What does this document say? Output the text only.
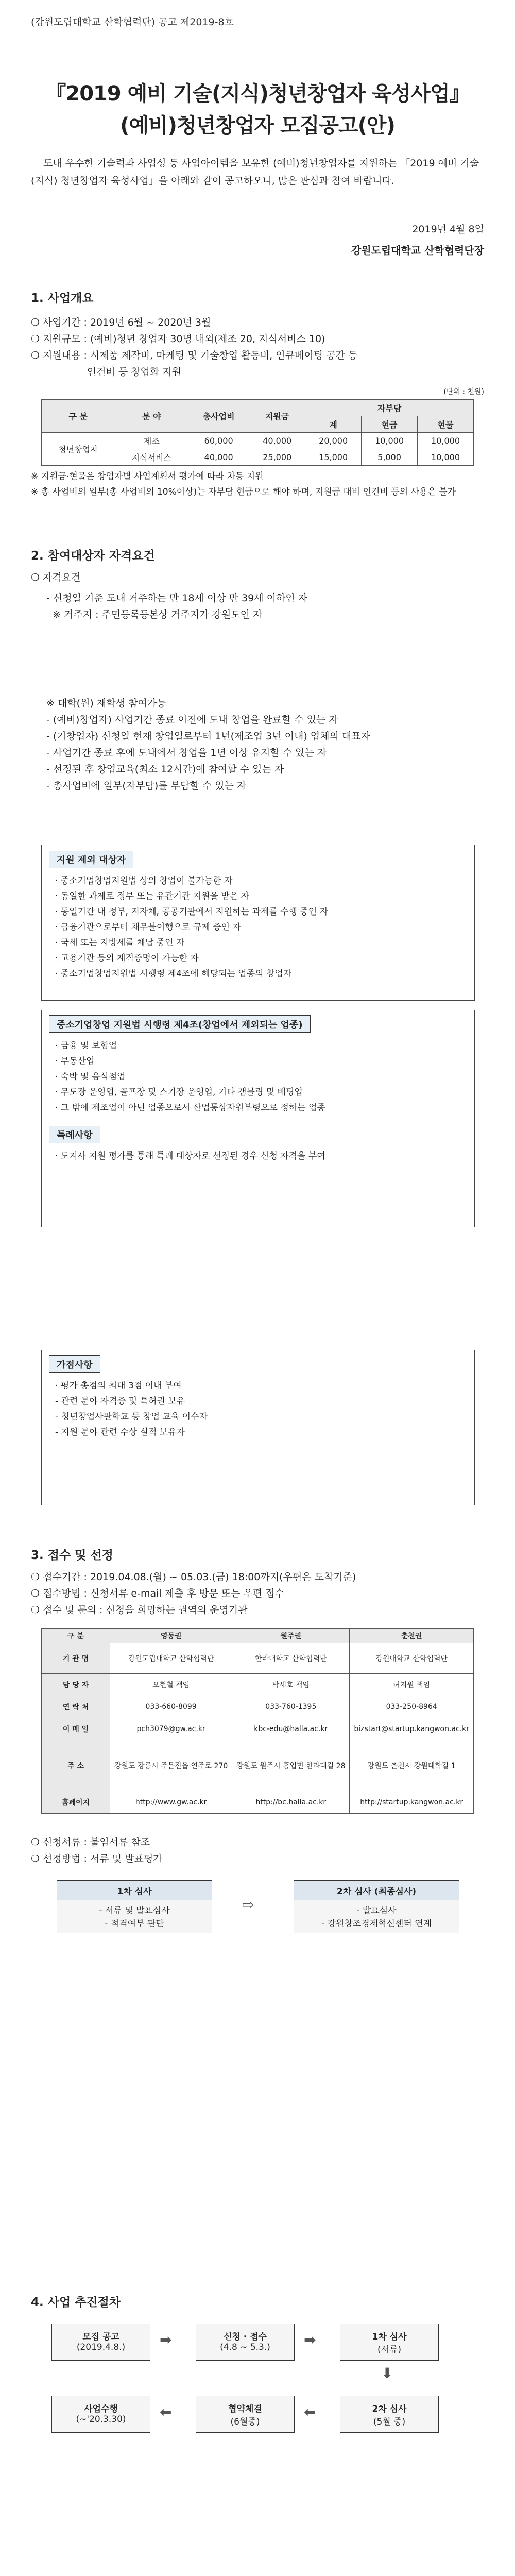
(강원도립대학교 산학협력단) 공고 제2019-8호
『2019 예비 기술(지식)청년창업자 육성사업』
(예비)청년창업자 모집공고(안)
도내 우수한 기술력과 사업성 등 사업아이템을 보유한 (예비)청년창업자를 지원하는 「2019 예비 기술(지식) 청년창업자 육성사업」을 아래와 같이 공고하오니, 많은 관심과 참여 바랍니다.
2019년 4월 8일
강원도립대학교 산학협력단장
1. 사업개요
❍ 사업기간 : 2019년 6월 ~ 2020년 3월
❍ 지원규모 : (예비)청년 창업자 30명 내외(제조 20, 지식서비스 10)
❍ 지원내용 : 시제품 제작비, 마케팅 및 기술창업 활동비, 인큐베이팅 공간 등
인건비 등 창업화 지원
(단위 : 천원)
구 분	분 야	총사업비	지원금	자부담		
				계	현금	현물
청년창업자	제조	60,000	40,000	20,000	10,000	10,000
	지식서비스	40,000	25,000	15,000	5,000	10,000
※ 지원금·현물은 창업자별 사업계획서 평가에 따라 차등 지원
※ 총 사업비의 일부(총 사업비의 10%이상)는 자부담 현금으로 해야 하며, 지원금 대비 인건비 등의 사용은 불가
2. 참여대상자 자격요건
❍ 자격요건
- 신청일 기준 도내 거주하는 만 18세 이상 만 39세 이하인 자
※ 거주지 : 주민등록등본상 거주지가 강원도인 자
※ 대학(원) 재학생 참여가능
- (예비)창업자) 사업기간 종료 이전에 도내 창업을 완료할 수 있는 자
- (기창업자) 신청일 현재 창업일로부터 1년(제조업 3년 이내) 업체의 대표자
- 사업기간 종료 후에 도내에서 창업을 1년 이상 유지할 수 있는 자
- 선정된 후 창업교육(최소 12시간)에 참여할 수 있는 자
- 총사업비에 일부(자부담)를 부담할 수 있는 자
지원 제외 대상자
· 중소기업창업지원법 상의 창업이 불가능한 자
· 동일한 과제로 정부 또는 유관기관 지원을 받은 자
· 동일기간 내 정부, 지자체, 공공기관에서 지원하는 과제를 수행 중인 자
· 금융기관으로부터 채무불이행으로 규제 중인 자
· 국세 또는 지방세를 체납 중인 자
· 고용기관 등의 재직증명이 가능한 자
· 중소기업창업지원법 시행령 제4조에 해당되는 업종의 창업자
중소기업창업 지원법 시행령 제4조(창업에서 제외되는 업종)
· 금융 및 보험업
· 부동산업
· 숙박 및 음식점업
· 무도장 운영업, 골프장 및 스키장 운영업, 기타 갬블링 및 베팅업
· 그 밖에 제조업이 아닌 업종으로서 산업통상자원부령으로 정하는 업종
특례사항
· 도지사 지원 평가를 통해 특례 대상자로 선정된 경우 신청 자격을 부여
가점사항
· 평가 총점의 최대 3점 이내 부여
- 관련 분야 자격증 및 특허권 보유
- 청년창업사관학교 등 창업 교육 이수자
- 지원 분야 관련 수상 실적 보유자
3. 접수 및 선정
❍ 접수기간 : 2019.04.08.(월) ~ 05.03.(금) 18:00까지(우편은 도착기준)
❍ 접수방법 : 신청서류 e-mail 제출 후 방문 또는 우편 접수
❍ 접수 및 문의 : 신청을 희망하는 권역의 운영기관
구 분	영동권	원주권	춘천권
기 관 명	강원도립대학교 산학협력단	한라대학교 산학협력단	강원대학교 산학협력단
담 당 자	오현철 책임	박세호 책임	허지원 책임
연 락 처	033-660-8099	033-760-1395	033-250-8964
이 메 일	pch3079@gw.ac.kr	kbc-edu@halla.ac.kr	bizstart@startup.kangwon.ac.kr
주 소	강원도 강릉시 주문진읍 연주로 270	강원도 원주시 흥업면 한라대길 28	강원도 춘천시 강원대학길 1
홈페이지	http://www.gw.ac.kr	http://bc.halla.ac.kr	http://startup.kangwon.ac.kr
❍ 신청서류 : 붙임서류 참조
❍ 선정방법 : 서류 및 발표평가
1차 심사
- 서류 및 발표심사
- 적격여부 판단
⇨
2차 심사 (최종심사)
- 발표심사
- 강원창조경제혁신센터 연계
4. 사업 추진절차
모집 공고
(2019.4.8.)	➡	신청 · 접수
(4.8 ~ 5.3.)	➡	1차 심사
(서류)
⬇
사업수행
(~'20.3.30)	⬅	협약체결
(6월중)
⬅	2차 심사
(5월 중)
